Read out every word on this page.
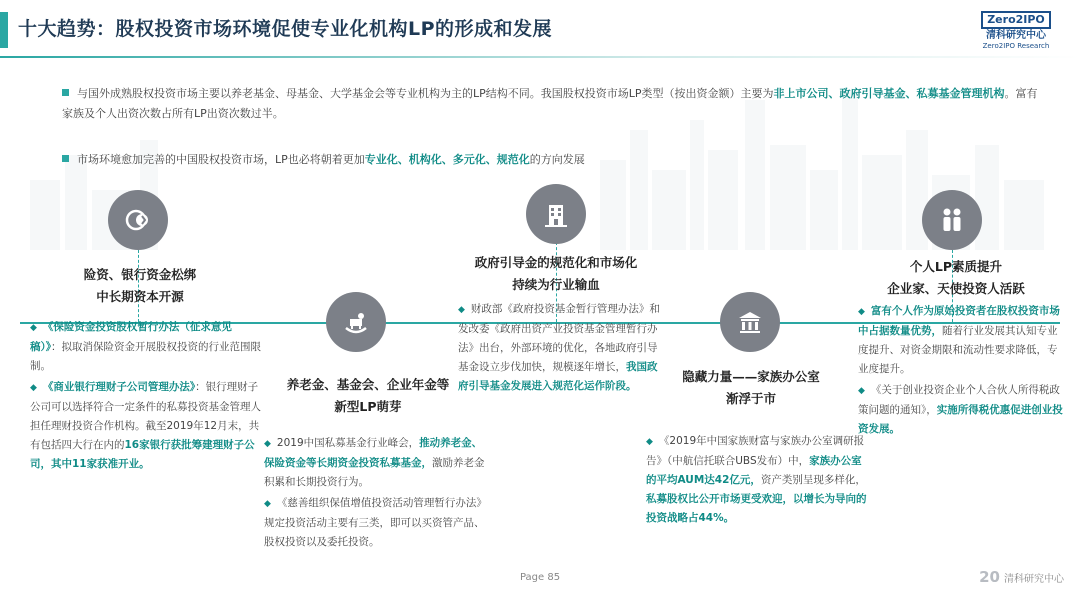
十大趋势：股权投资市场环境促使专业化机构LP的形成和发展	Zero2IPO
清科研究中心
Zero2IPO Research
与国外成熟股权投资市场主要以养老基金、母基金、大学基金会等专业机构为主的LP结构不同。我国股权投资市场LP类型（按出资金额）主要为非上市公司、政府引导基金、私募基金管理机构。富有家族及个人出资次数占所有LP出资次数过半。
市场环境愈加完善的中国股权投资市场，LP也必将朝着更加专业化、机构化、多元化、规范化的方向发展
险资、银行资金松绑
中长期资本开源
◆ 《保险资金投资股权暂行办法（征求意见稿）》：拟取消保险资金开展股权投资的行业范围限制。
◆ 《商业银行理财子公司管理办法》：银行理财子公司可以选择符合一定条件的私募投资基金管理人担任理财投资合作机构。截至2019年12月末，共有包括四大行在内的16家银行获批筹建理财子公司，其中11家获准开业。
养老金、基金会、企业年金等
新型LP萌芽
◆ 2019中国私募基金行业峰会，推动养老金、保险资金等长期资金投资私募基金，激励养老金积累和长期投资行为。
◆ 《慈善组织保值增值投资活动管理暂行办法》规定投资活动主要有三类，即可以买资管产品、股权投资以及委托投资。
政府引导金的规范化和市场化
持续为行业输血
◆ 财政部《政府投资基金暂行管理办法》和发改委《政府出资产业投资基金管理暂行办法》出台，外部环境的优化，各地政府引导基金设立步伐加快，规模逐年增长，我国政府引导基金发展进入规范化运作阶段。
隐藏力量——家族办公室
渐浮于市
◆ 《2019年中国家族财富与家族办公室调研报告》（中航信托联合UBS发布）中，家族办公室的平均AUM达42亿元，资产类别呈现多样化，私募股权比公开市场更受欢迎，以增长为导向的投资战略占44%。
个人LP素质提升
企业家、天使投资人活跃
◆ 富有个人作为原始投资者在股权投资市场中占据数量优势，随着行业发展其认知专业度提升、对资金期限和流动性要求降低，专业度提升。
◆ 《关于创业投资企业个人合伙人所得税政策问题的通知》，实施所得税优惠促进创业投资发展。
Page 85	20 清科研究中心
